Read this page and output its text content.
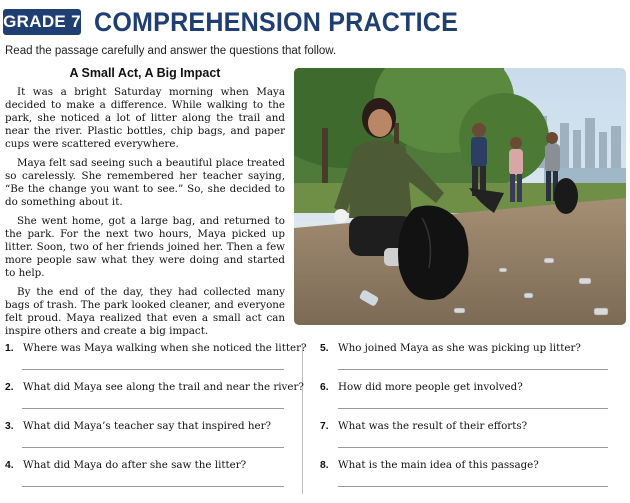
GRADE 7 COMPREHENSION PRACTICE
Read the passage carefully and answer the questions that follow.
A Small Act, A Big Impact

It was a bright Saturday morning when Maya decided to make a difference. While walking to the park, she noticed a lot of litter along the trail and near the river. Plastic bottles, chip bags, and paper cups were scattered everywhere.

Maya felt sad seeing such a beautiful place treated so carelessly. She remembered her teacher saying, “Be the change you want to see.” So, she decided to do something about it.

She went home, got a large bag, and returned to the park. For the next two hours, Maya picked up litter. Soon, two of her friends joined her. Then a few more people saw what they were doing and started to help.

By the end of the day, they had collected many bags of trash. The park looked cleaner, and everyone felt proud. Maya realized that even a small act can inspire others and create a big impact.

1. Where was Maya walking when she noticed the litter?
2. What did Maya see along the trail and near the river?
3. What did Maya’s teacher say that inspired her?
4. What did Maya do after she saw the litter?
5. Who joined Maya as she was picking up litter?
6. How did more people get involved?
7. What was the result of their efforts?
8. What is the main idea of this passage?
